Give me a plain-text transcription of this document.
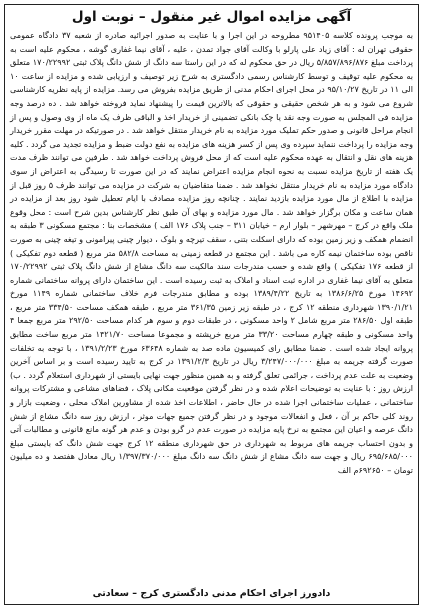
آگهی مزایده اموال غیر منقول – نوبت اول

به موجب پرونده کلاسه ۹۵۱۴۰۵ مطروحه در این اجرا و با عنایت به صدور اجرائیه صادره از شعبه ۳۷ دادگاه عمومی حقوقی تهران له : آقای زیاد علی پارلو با وکالت آقای جواد تمدن ، علیه ، آقای نیما غفاری گوشه ، محکوم علیه است به پرداخت مبلغ ۵/۸۵۷/۸۹۶/۸۷۶ ریال در حق محکوم له که در این راستا سه دانگ از شش دانگ پلاک ثبتی ۱۷۰/۲۲۹۹۲ متعلق به محکوم علیه توقیف و توسط کارشناس رسمی دادگستری به شرح زیر توصیف و ارزیابی شده و مزایده از ساعت ۱۰ الی ۱۱ در تاریخ ۹۵/۱۰/۲۷ در محل اجرای احکام مدنی از طریق مزایده بفروش می رسد. مزایده از پایه نظریه کارشناسی شروع می شود و به هر شخص حقیقی و حقوقی که بالاترین قیمت را پیشنهاد نماید فروخته خواهد شد . ده درصد وجه مزایده فی المجلس به صورت وجه نقد یا چک بانکی تضمینی از خریدار اخذ و الباقی ظرف یک ماه از وی وصول و پس از انجام مراحل قانونی و صدور حکم تملیک مورد مزایده به نام خریدار منتقل خواهد شد . در صورتیکه در مهلت مقرر خریدار وجه مزایده را پرداخت ننماید سپرده وی پس از کسر هزینه های مزایده به نفع دولت ضبط و مزایده تجدید می گردد . کلیه هزینه های نقل و انتقال به عهده محکوم علیه است که از محل فروش پرداخت خواهد شد . طرفین می توانند ظرف مدت یک هفته از تاریخ مزایده نسبت به نحوه انجام مزایده اعتراض نمایند که در این صورت تا رسیدگی به اعتراض از سوی دادگاه مورد مزایده به نام خریدار منتقل نخواهد شد . ضمنا متقاضیان به شرکت در مزایده می توانند ظرف ۵ روز قبل از مزایده با اطلاع از مال مورد مزایده بازدید نمایند . چنانچه روز مزایده مصادف با ایام تعطیل شود روز بعد از مزایده در همان ساعت و مکان برگزار خواهد شد . مال مورد مزایده و بهای آن طبق نظر کارشناس بدین شرح است : محل وقوع ملک واقع در کرج – مهرشهر – بلوار ارم – خیابان ۳۱۱ – جنب پلاک ۱۷۶ الف ) مشخصات بنا : مجتمع مسکونی ۳ طبقه به انضمام همکف و زیر زمین بوده که دارای اسکلت بتنی ، سقف تیرچه و بلوک ، دیوار چینی پیرامونی و تیغه چینی به صورت ناقص بوده ساختمان نیمه کاره می باشد . این مجتمع در قطعه زمینی به مساحت ۵۸۲/۸ متر مربع ( قطعه دوم تفکیکی ) از قطعه ۱۷۶ تفکیکی ) واقع شده و حسب مندرجات سند مالکیت سه دانگ مشاع از شش دانگ پلاک ثبتی ۱۷۰/۲۲۹۹۲ متعلق به آقای نیما غفاری در اداره ثبت اسناد و املاک به ثبت رسیده است . این ساختمان دارای پروانه ساختمانی شماره ۱۴۶۹۲ مورخ ۱۳۸۶/۶/۲۵ به تاریخ ۱۳۸۹/۴/۲۲ بوده و مطابق مندرجات فرم خلاف ساختمانی شماره ۱۱۴۹ مورخ ۱۳۹۰/۱/۲۱ شهرداری منطقه ۱۲ کرج ، در طبقه زیر زمین ۳۶۱/۳۵ متر مربع ، طبقه همکف مساحت ۳۳۴/۵۰ متر مربع ، طبقه اول ۲۸۶/۵۰ متر مربع شامل ۲ واحد مسکونی ، در طبقات دوم و سوم هر کدام مساحت ۲۹۲/۵۰ متر مربع جمعا ۴ واحد مسکونی و طبقه چهارم مساحت ۳۳/۲۰ متر مربع خرپشته و مجموعا مساحت ۱۴۲۱/۷۰ متر مربع ساخت مطابق پروانه ایجاد شده است . ضمنا مطابق رای کمیسیون ماده صد به شماره ۶۳۶۴۸ مورخ ۱۳۹۱/۲/۲۳ ، با توجه به تخلفات صورت گرفته جریمه به مبلغ ۳/۲۴۷/۰۰۰/۰۰۰ ریال در تاریخ ۱۳۹۱/۲/۳ در کرج به تایید رسیده است و بر اساس آخرین وضعیت به علت عدم پرداخت ، جرائمی تعلق گرفته و به همین منظور جهت نهایی بایستی از شهرداری استعلام گردد . ب) ارزش روز : با عنایت به توضیحات اعلام شده و در نظر گرفتن موقعیت مکانی پلاک ، فضاهای مشاعی و مشترکات پروانه ساختمانی ، عملیات ساختمانی اجرا شده در حال حاضر ، اطلاعات اخذ شده از مشاورین املاک محلی ، وضعیت بازار و روند کلی حاکم بر آن ، فعل و انفعالات موجود و در نظر گرفتن جمیع جهات موثر ، ارزش روز سه دانگ مشاع از شش دانگ عرصه و اعیان این مجتمع به نرخ پایه مزایده در صورت عدم در گرو بودن و عدم هر گونه مانع قانونی و مطالبات آتی و بدون احتساب جریمه های مربوط به شهرداری در حق شهرداری منطقه ۱۲ کرج جهت شش دانگ که بایستی مبلغ ۶۹۵/۶۸۵/۰۰۰ ریال و جهت سه دانگ مشاع از شش دانگ سه دانگ مبلغ ۱/۳۹۷/۳۷۰/۰۰۰ ریال معادل هفتصد و ده میلیون تومان – ۶۹۲۶۵۰م الف

دادورز اجرای احکام مدنی دادگستری کرج – سعادتی
